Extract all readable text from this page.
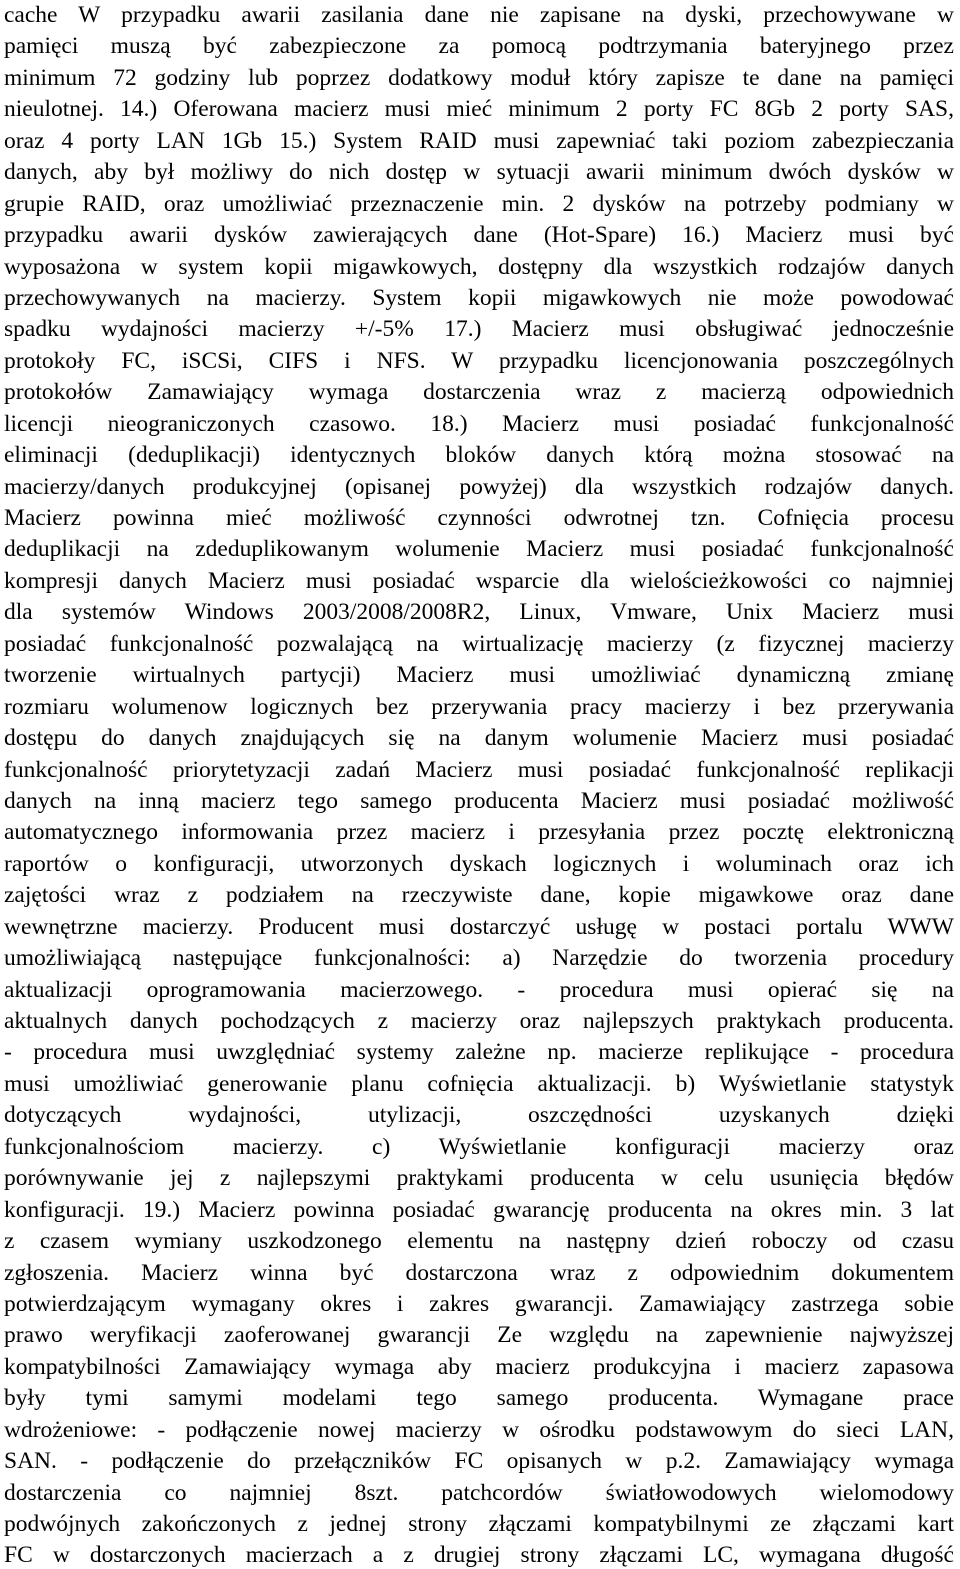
cache W przypadku awarii zasilania dane nie zapisane na dyski, przechowywane w
pamięci muszą być zabezpieczone za pomocą podtrzymania bateryjnego przez
minimum 72 godziny lub poprzez dodatkowy moduł który zapisze te dane na pamięci
nieulotnej. 14.) Oferowana macierz musi mieć minimum 2 porty FC 8Gb 2 porty SAS,
oraz 4 porty LAN 1Gb 15.) System RAID musi zapewniać taki poziom zabezpieczania
danych, aby był możliwy do nich dostęp w sytuacji awarii minimum dwóch dysków w
grupie RAID, oraz umożliwiać przeznaczenie min. 2 dysków na potrzeby podmiany w
przypadku awarii dysków zawierających dane (Hot-Spare) 16.) Macierz musi być
wyposażona w system kopii migawkowych, dostępny dla wszystkich rodzajów danych
przechowywanych na macierzy. System kopii migawkowych nie może powodować
spadku wydajności macierzy +/-5% 17.) Macierz musi obsługiwać jednocześnie
protokoły FC, iSCSi, CIFS i NFS. W przypadku licencjonowania poszczególnych
protokołów Zamawiający wymaga dostarczenia wraz z macierzą odpowiednich
licencji nieograniczonych czasowo. 18.) Macierz musi posiadać funkcjonalność
eliminacji (deduplikacji) identycznych bloków danych którą można stosować na
macierzy/danych produkcyjnej (opisanej powyżej) dla wszystkich rodzajów danych.
Macierz powinna mieć możliwość czynności odwrotnej tzn. Cofnięcia procesu
deduplikacji na zdeduplikowanym wolumenie Macierz musi posiadać funkcjonalność
kompresji danych Macierz musi posiadać wsparcie dla wielościeżkowości co najmniej
dla systemów Windows 2003/2008/2008R2, Linux, Vmware, Unix Macierz musi
posiadać funkcjonalność pozwalającą na wirtualizację macierzy (z fizycznej macierzy
tworzenie wirtualnych partycji) Macierz musi umożliwiać dynamiczną zmianę
rozmiaru wolumenow logicznych bez przerywania pracy macierzy i bez przerywania
dostępu do danych znajdujących się na danym wolumenie Macierz musi posiadać
funkcjonalność priorytetyzacji zadań Macierz musi posiadać funkcjonalność replikacji
danych na inną macierz tego samego producenta Macierz musi posiadać możliwość
automatycznego informowania przez macierz i przesyłania przez pocztę elektroniczną
raportów o konfiguracji, utworzonych dyskach logicznych i woluminach oraz ich
zajętości wraz z podziałem na rzeczywiste dane, kopie migawkowe oraz dane
wewnętrzne macierzy. Producent musi dostarczyć usługę w postaci portalu WWW
umożliwiającą następujące funkcjonalności: a) Narzędzie do tworzenia procedury
aktualizacji oprogramowania macierzowego. - procedura musi opierać się na
aktualnych danych pochodzących z macierzy oraz najlepszych praktykach producenta.
- procedura musi uwzględniać systemy zależne np. macierze replikujące - procedura
musi umożliwiać generowanie planu cofnięcia aktualizacji. b) Wyświetlanie statystyk
dotyczących wydajności, utylizacji, oszczędności uzyskanych dzięki
funkcjonalnościom macierzy. c) Wyświetlanie konfiguracji macierzy oraz
porównywanie jej z najlepszymi praktykami producenta w celu usunięcia błędów
konfiguracji. 19.) Macierz powinna posiadać gwarancję producenta na okres min. 3 lat
z czasem wymiany uszkodzonego elementu na następny dzień roboczy od czasu
zgłoszenia. Macierz winna być dostarczona wraz z odpowiednim dokumentem
potwierdzającym wymagany okres i zakres gwarancji. Zamawiający zastrzega sobie
prawo weryfikacji zaoferowanej gwarancji Ze względu na zapewnienie najwyższej
kompatybilności Zamawiający wymaga aby macierz produkcyjna i macierz zapasowa
były tymi samymi modelami tego samego producenta. Wymagane prace
wdrożeniowe: - podłączenie nowej macierzy w ośrodku podstawowym do sieci LAN,
SAN. - podłączenie do przełączników FC opisanych w p.2. Zamawiający wymaga
dostarczenia co najmniej 8szt. patchcordów światłowodowych wielomodowy
podwójnych zakończonych z jednej strony złączami kompatybilnymi ze złączami kart
FC w dostarczonych macierzach a z drugiej strony złączami LC, wymagana długość
